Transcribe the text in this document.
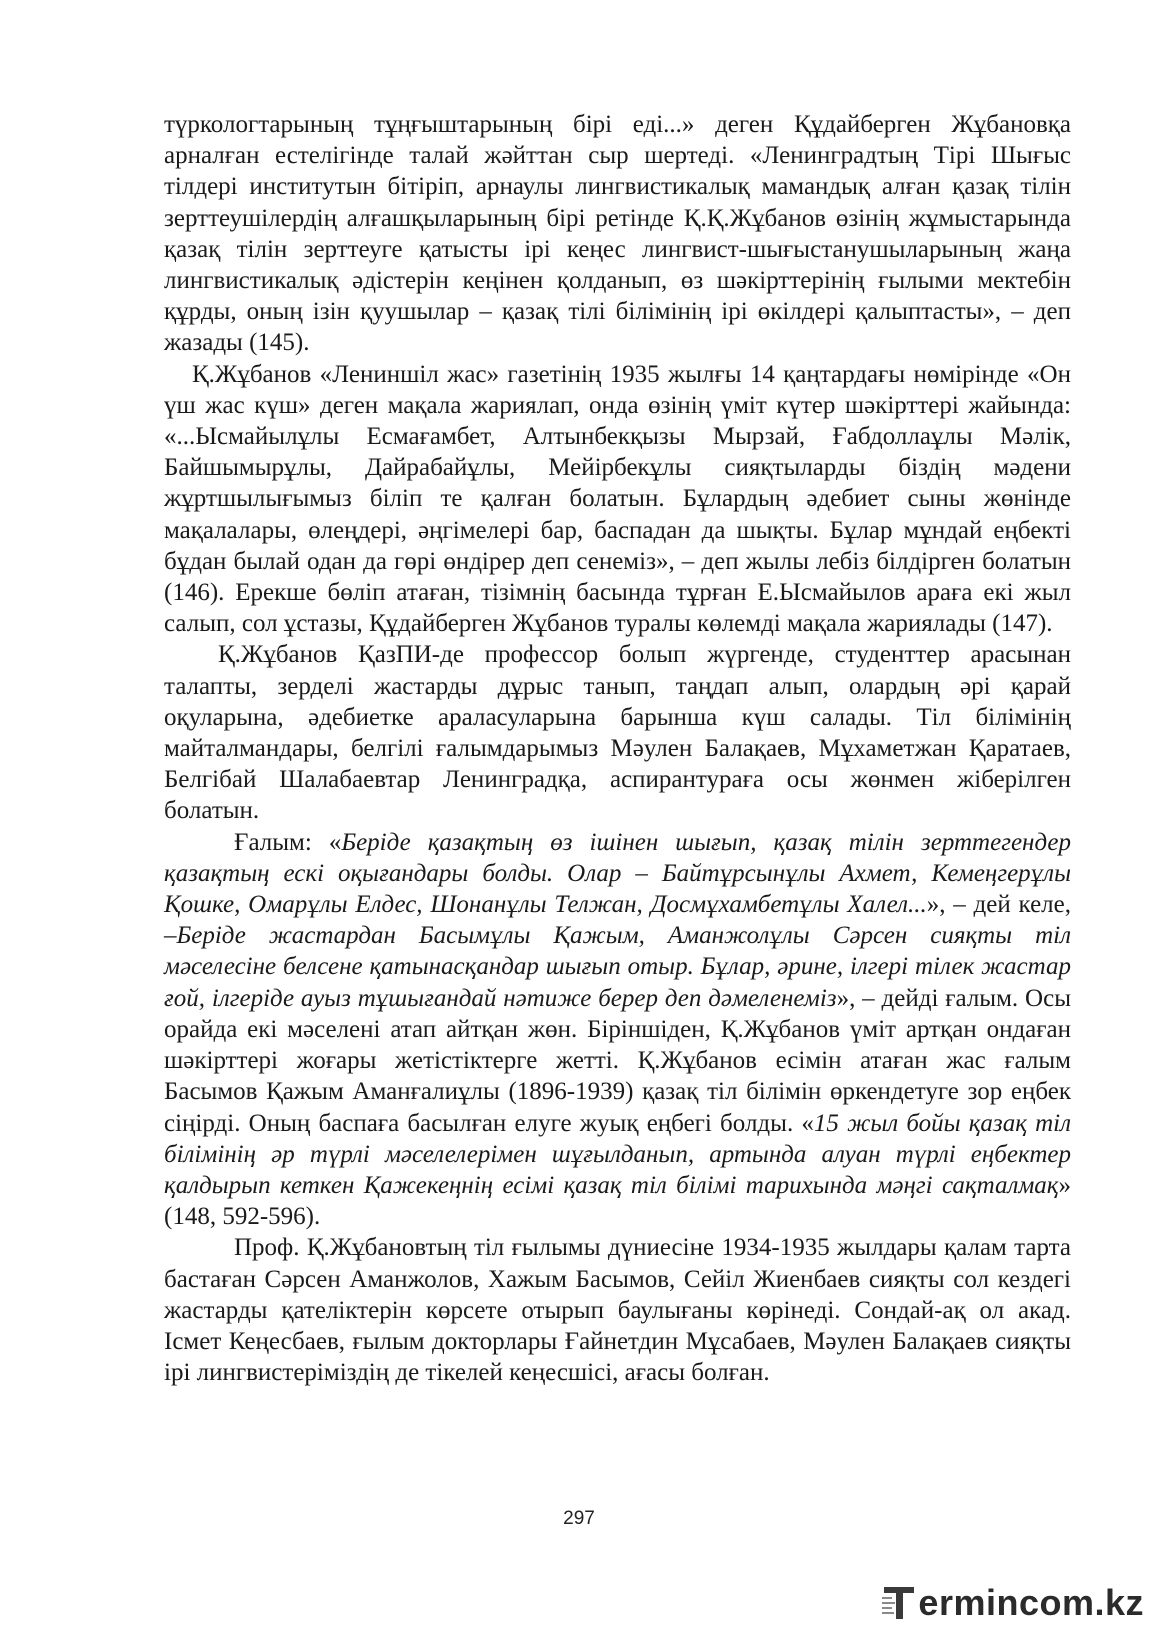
түркологтарының тұңғыштарының бірі еді...» деген Құдайберген Жұбановқа арналған естелігінде талай жәйттан сыр шертеді. «Ленинградтың Тірі Шығыс тілдері институтын бітіріп, арнаулы лингвистикалық мамандық алған қазақ тілін зерттеушілердің алғашқыларының бірі ретінде Қ.Қ.Жұбанов өзінің жұмыстарында қазақ тілін зерттеуге қатысты ірі кеңес лингвист-шығыстанушыларының жаңа лингвистикалық әдістерін кеңінен қолданып, өз шәкірттерінің ғылыми мектебін құрды, оның ізін қуушылар – қазақ тілі білімінің ірі өкілдері қалыптасты», – деп жазады (145).

Қ.Жұбанов «Лениншіл жас» газетінің 1935 жылғы 14 қаңтардағы нөмірінде «Он үш жас күш» деген мақала жариялап, онда өзінің үміт күтер шәкірттері жайында: «...Ысмайылұлы Есмағамбет, Алтынбекқызы Мырзай, Ғабдоллаұлы Мәлік, Байшымырұлы, Дайрабайұлы, Мейірбекұлы сияқтыларды біздің мәдени жұртшылығымыз біліп те қалған болатын. Бұлардың әдебиет сыны жөнінде мақалалары, өлеңдері, әңгімелері бар, баспадан да шықты. Бұлар мұндай еңбекті бұдан былай одан да гөрі өндірер деп сенеміз», – деп жылы лебіз білдірген болатын (146). Ерекше бөліп атаған, тізімнің басында тұрған Е.Ысмайылов араға екі жыл салып, сол ұстазы, Құдайберген Жұбанов туралы көлемді мақала жариялады (147).

Қ.Жұбанов ҚазПИ-де профессор болып жүргенде, студенттер арасынан талапты, зерделі жастарды дұрыс танып, таңдап алып, олардың әрі қарай оқуларына, әдебиетке араласуларына барынша күш салады. Тіл білімінің майталмандары, белгілі ғалымдарымыз Мәулен Балақаев, Мұхаметжан Қаратаев, Белгібай Шалабаевтар Ленинградқа, аспирантураға осы жөнмен жіберілген болатын.

Ғалым: «Беріде қазақтың өз ішінен шығып, қазақ тілін зерттегендер қазақтың ескі оқығандары болды. Олар – Байтұрсынұлы Ахмет, Кемеңгерұлы Қошке, Омарұлы Елдес, Шонанұлы Телжан, Досмұхамбетұлы Халел...», – дей келе, –Беріде жастардан Басымұлы Қажым, Аманжолұлы Сәрсен сияқты тіл мәселесіне белсене қатынасқандар шығып отыр. Бұлар, әрине, ілгері тілек жастар ғой, ілгеріде ауыз тұшығандай нәтиже берер деп дәмеленеміз», – дейді ғалым. Осы орайда екі мәселені атап айтқан жөн. Біріншіден, Қ.Жұбанов үміт артқан ондаған шәкірттері жоғары жетістіктерге жетті. Қ.Жұбанов есімін атаған жас ғалым Басымов Қажым Аманғалиұлы (1896-1939) қазақ тіл білімін өркендетуге зор еңбек сіңірді. Оның баспаға басылған елуге жуық еңбегі болды. «15 жыл бойы қазақ тіл білімінің әр түрлі мәселелерімен шұғылданып, артында алуан түрлі еңбектер қалдырып кеткен Қажекеңнің есімі қазақ тіл білімі тарихында мәңгі сақталмақ» (148, 592-596).

Проф. Қ.Жұбановтың тіл ғылымы дүниесіне 1934-1935 жылдары қалам тарта бастаған Сәрсен Аманжолов, Хажым Басымов, Сейіл Жиенбаев сияқты сол кездегі жастарды қателіктерін көрсете отырып баулығаны көрінеді. Сондай-ақ ол акад. Ісмет Кеңесбаев, ғылым докторлары Ғайнетдин Мұсабаев, Мәулен Балақаев сияқты ірі лингвистеріміздің де тікелей кеңесшісі, ағасы болған.

297
ermincom.kz
